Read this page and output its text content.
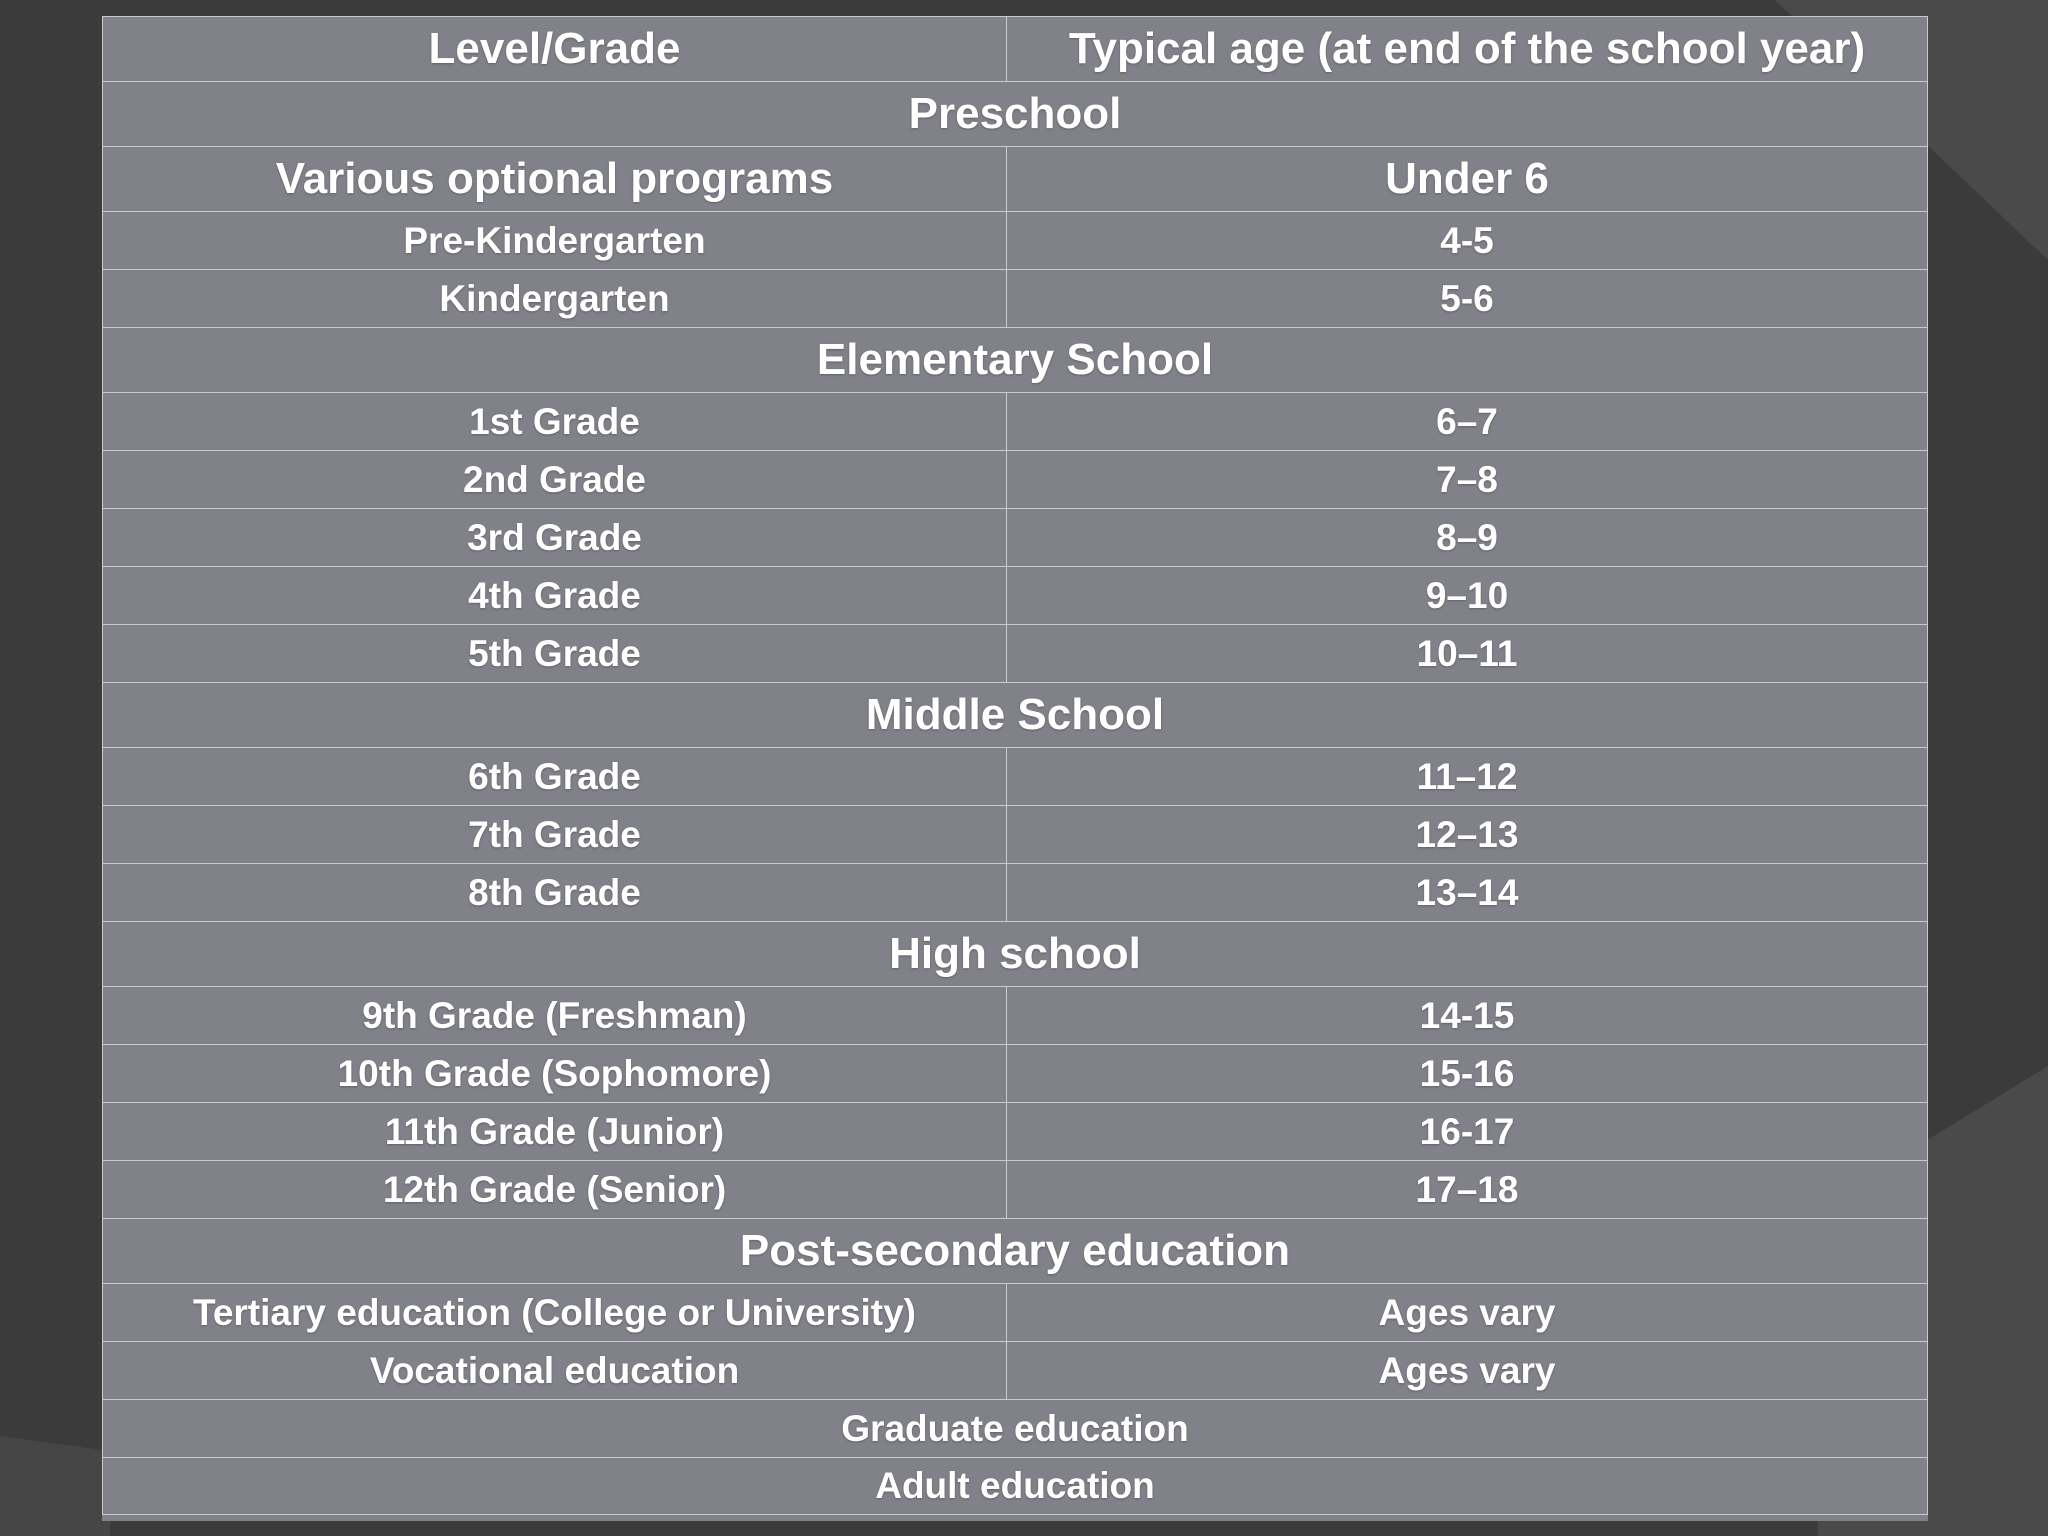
Level/Grade	Typical age (at end of the school year)
Preschool
Various optional programs	Under 6
Pre-Kindergarten	4-5
Kindergarten	5-6
Elementary School
1st Grade	6–7
2nd Grade	7–8
3rd Grade	8–9
4th Grade	9–10
5th Grade	10–11
Middle School
6th Grade	11–12
7th Grade	12–13
8th Grade	13–14
High school
9th Grade (Freshman)	14-15
10th Grade (Sophomore)	15-16
11th Grade (Junior)	16-17
12th Grade (Senior)	17–18
Post-secondary education
Tertiary education (College or University)	Ages vary
Vocational education	Ages vary
Graduate education
Adult education
